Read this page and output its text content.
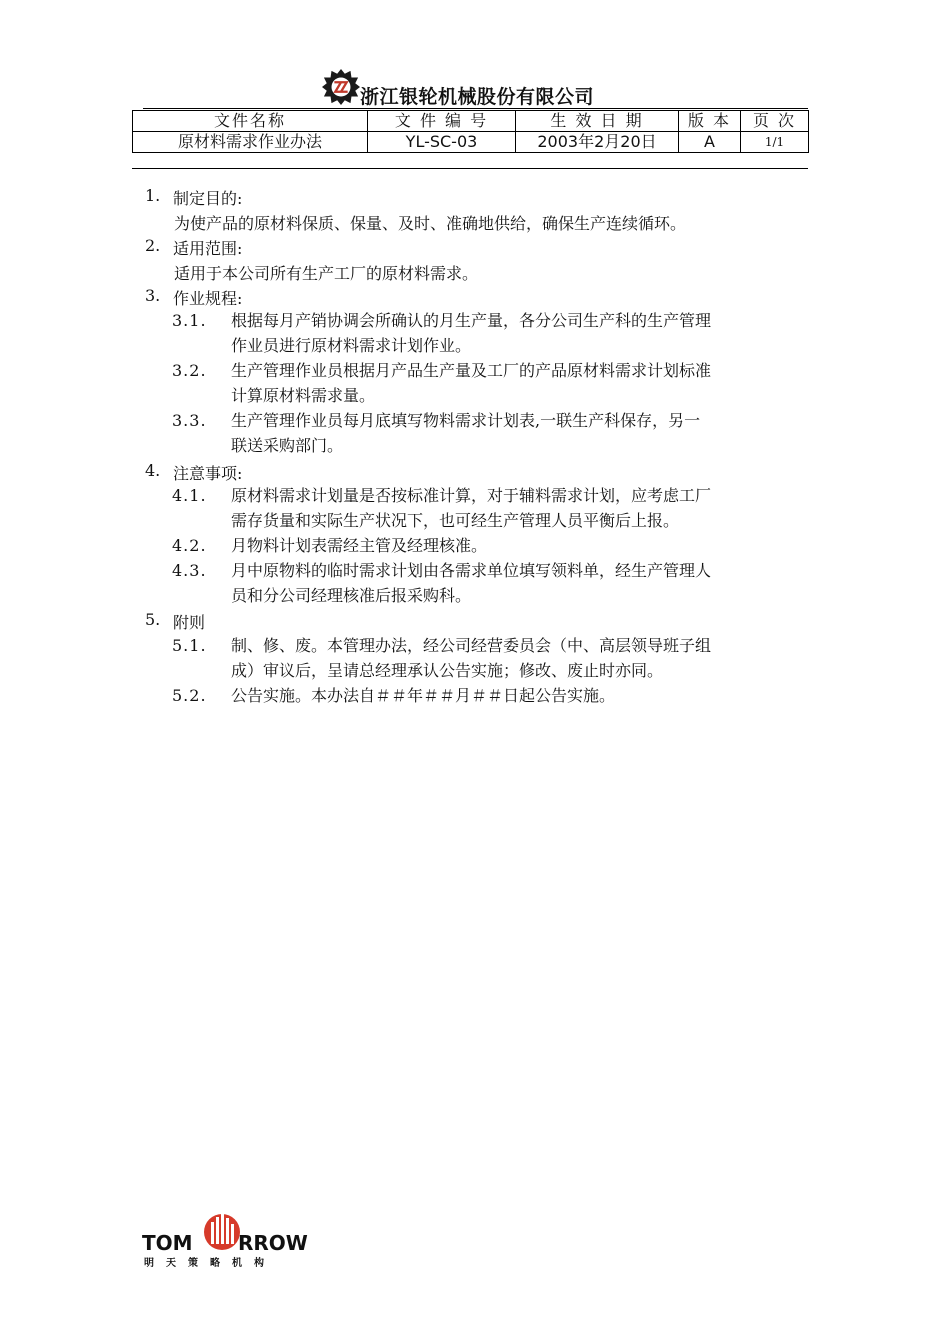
浙江银轮机械股份有限公司
文件名称	文 件 编 号	生 效 日 期	版 本	页 次
原材料需求作业办法	YL-SC-03	2003年2月20日	A	1/1
1. 制定目的:
为使产品的原材料保质、保量、及时、准确地供给，确保生产连续循环。
2. 适用范围:
适用于本公司所有生产工厂的原材料需求。
3. 作业规程:
3.1.	根据每月产销协调会所确认的月生产量，各分公司生产科的生产管理
作业员进行原材料需求计划作业。
3.2.	生产管理作业员根据月产品生产量及工厂的产品原材料需求计划标准
计算原材料需求量。
3.3.	生产管理作业员每月底填写物料需求计划表,一联生产科保存，另一
联送采购部门。
4. 注意事项:
4.1.	原材料需求计划量是否按标准计算，对于辅料需求计划，应考虑工厂
需存货量和实际生产状况下，也可经生产管理人员平衡后上报。
4.2.	月物料计划表需经主管及经理核准。
4.3.	月中原物料的临时需求计划由各需求单位填写领料单，经生产管理人
员和分公司经理核准后报采购科。
5. 附则
5.1.	制、修、废。本管理办法，经公司经营委员会（中、高层领导班子组
成）审议后，呈请总经理承认公告实施；修改、废止时亦同。
5.2.	公告实施。本办法自＃＃年＃＃月＃＃日起公告实施。
TOM RROW
明天策略机构
